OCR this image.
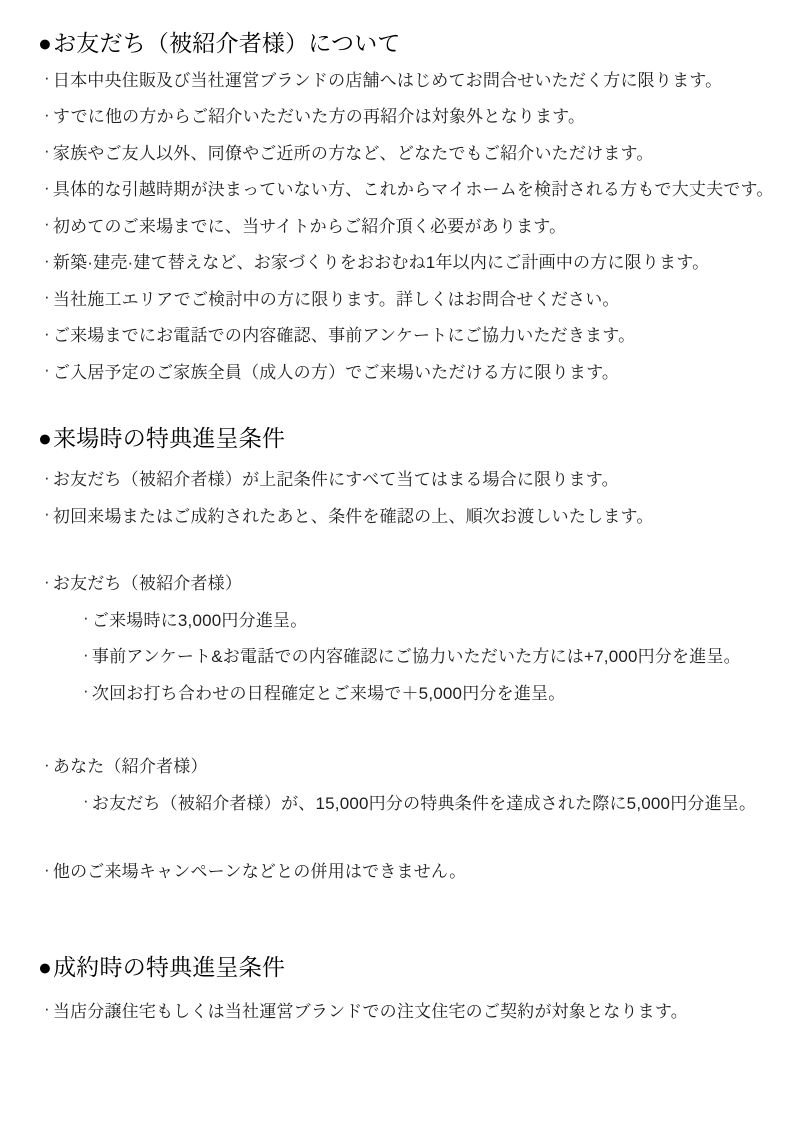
●お友だち（被紹介者様）について
· 日本中央住販及び当社運営ブランドの店舗へはじめてお問合せいただく方に限ります。
· すでに他の方からご紹介いただいた方の再紹介は対象外となります。
· 家族やご友人以外、同僚やご近所の方など、どなたでもご紹介いただけます。
· 具体的な引越時期が決まっていない方、これからマイホームを検討される方もで大丈夫です。
· 初めてのご来場までに、当サイトからご紹介頂く必要があります。
· 新築·建売·建て替えなど、お家づくりをおおむね1年以内にご計画中の方に限ります。
· 当社施工エリアでご検討中の方に限ります。詳しくはお問合せください。
· ご来場までにお電話での内容確認、事前アンケートにご協力いただきます。
· ご入居予定のご家族全員（成人の方）でご来場いただける方に限ります。
●来場時の特典進呈条件
· お友だち（被紹介者様）が上記条件にすべて当てはまる場合に限ります。
· 初回来場またはご成約されたあと、条件を確認の上、順次お渡しいたします。
· お友だち（被紹介者様）
· ご来場時に3,000円分進呈。
· 事前アンケート&お電話での内容確認にご協力いただいた方には+7,000円分を進呈。
· 次回お打ち合わせの日程確定とご来場で＋5,000円分を進呈。
· あなた（紹介者様）
· お友だち（被紹介者様）が、15,000円分の特典条件を達成された際に5,000円分進呈。
· 他のご来場キャンペーンなどとの併用はできません。
●成約時の特典進呈条件
· 当店分譲住宅もしくは当社運営ブランドでの注文住宅のご契約が対象となります。
